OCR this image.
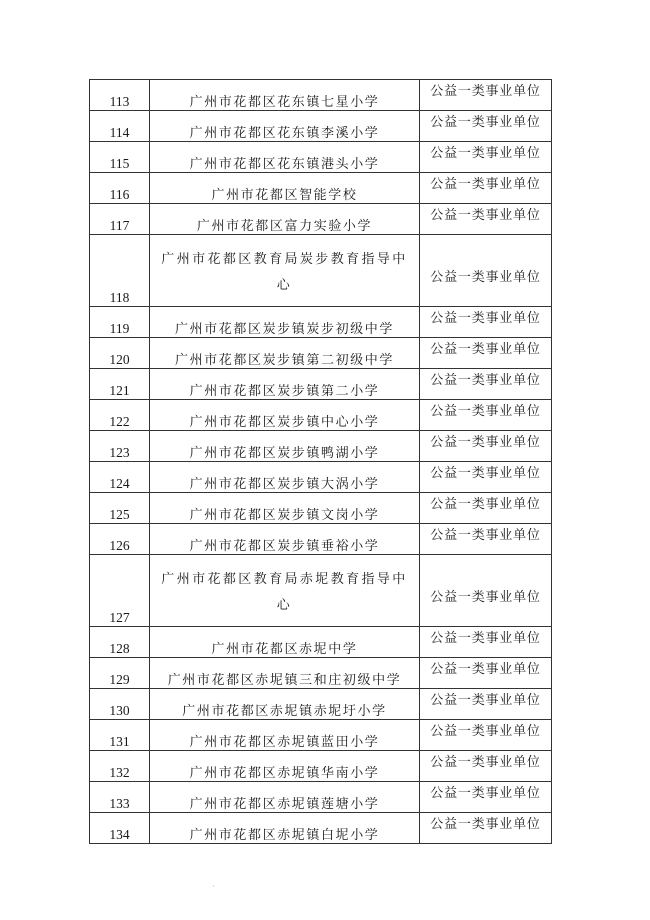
113	广州市花都区花东镇七星小学	公益一类事业单位
114	广州市花都区花东镇李溪小学	公益一类事业单位
115	广州市花都区花东镇港头小学	公益一类事业单位
116	广州市花都区智能学校	公益一类事业单位
117	广州市花都区富力实验小学	公益一类事业单位
118	广州市花都区教育局炭步教育指导中心	公益一类事业单位
119	广州市花都区炭步镇炭步初级中学	公益一类事业单位
120	广州市花都区炭步镇第二初级中学	公益一类事业单位
121	广州市花都区炭步镇第二小学	公益一类事业单位
122	广州市花都区炭步镇中心小学	公益一类事业单位
123	广州市花都区炭步镇鸭湖小学	公益一类事业单位
124	广州市花都区炭步镇大涡小学	公益一类事业单位
125	广州市花都区炭步镇文岗小学	公益一类事业单位
126	广州市花都区炭步镇垂裕小学	公益一类事业单位
127	广州市花都区教育局赤坭教育指导中心	公益一类事业单位
128	广州市花都区赤坭中学	公益一类事业单位
129	广州市花都区赤坭镇三和庄初级中学	公益一类事业单位
130	广州市花都区赤坭镇赤坭圩小学	公益一类事业单位
131	广州市花都区赤坭镇蓝田小学	公益一类事业单位
132	广州市花都区赤坭镇华南小学	公益一类事业单位
133	广州市花都区赤坭镇莲塘小学	公益一类事业单位
134	广州市花都区赤坭镇白坭小学	公益一类事业单位
·
